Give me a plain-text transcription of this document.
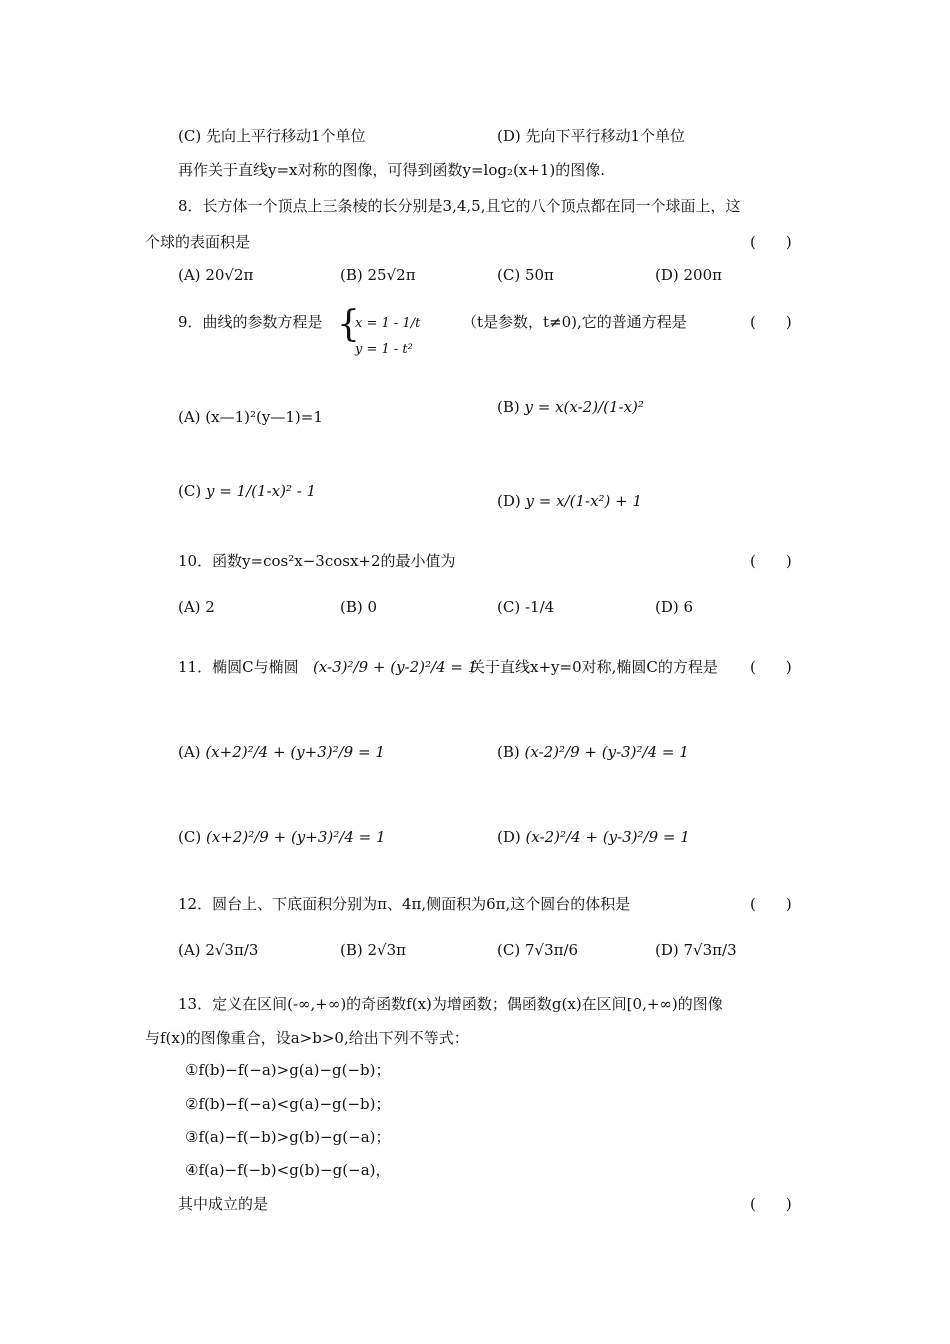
(C) 先向上平行移动1个单位	(D) 先向下平行移动1个单位
再作关于直线y=x对称的图像，可得到函数y=log₂(x+1)的图像.
8．长方体一个顶点上三条棱的长分别是3,4,5,且它的八个顶点都在同一个球面上，这
个球的表面积是	(　　)
(A) 20√2π	(B) 25√2π	(C) 50π	(D) 200π
9．曲线的参数方程是 {
x = 1 - 1/t
y = 1 - t²
（t是参数，t≠0),它的普通方程是	(　　)
(A) (x—1)²(y—1)=1
(B) y = x(x-2)/(1-x)²
(C) y = 1/(1-x)² - 1
(D) y = x/(1-x²) + 1
10．函数y=cos²x−3cosx+2的最小值为	(　　)
(A) 2	(B) 0	(C) -1/4	(D) 6
11．椭圆C与椭圆 (x-3)²/9 + (y-2)²/4 = 1
关于直线x+y=0对称,椭圆C的方程是 (　　)
(A) (x+2)²/4 + (y+3)²/9 = 1	(B) (x-2)²/9 + (y-3)²/4 = 1
(C) (x+2)²/9 + (y+3)²/4 = 1	(D) (x-2)²/4 + (y-3)²/9 = 1
12．圆台上、下底面积分别为π、4π,侧面积为6π,这个圆台的体积是	(　　)
(A) 2√3π/3	(B) 2√3π	(C) 7√3π/6	(D) 7√3π/3
13．定义在区间(-∞,+∞)的奇函数f(x)为增函数；偶函数g(x)在区间[0,+∞)的图像
与f(x)的图像重合，设a>b>0,给出下列不等式：
①f(b)−f(−a)>g(a)−g(−b)；
②f(b)−f(−a)<g(a)−g(−b)；
③f(a)−f(−b)>g(b)−g(−a)；
④f(a)−f(−b)<g(b)−g(−a)，
其中成立的是	(　　)
